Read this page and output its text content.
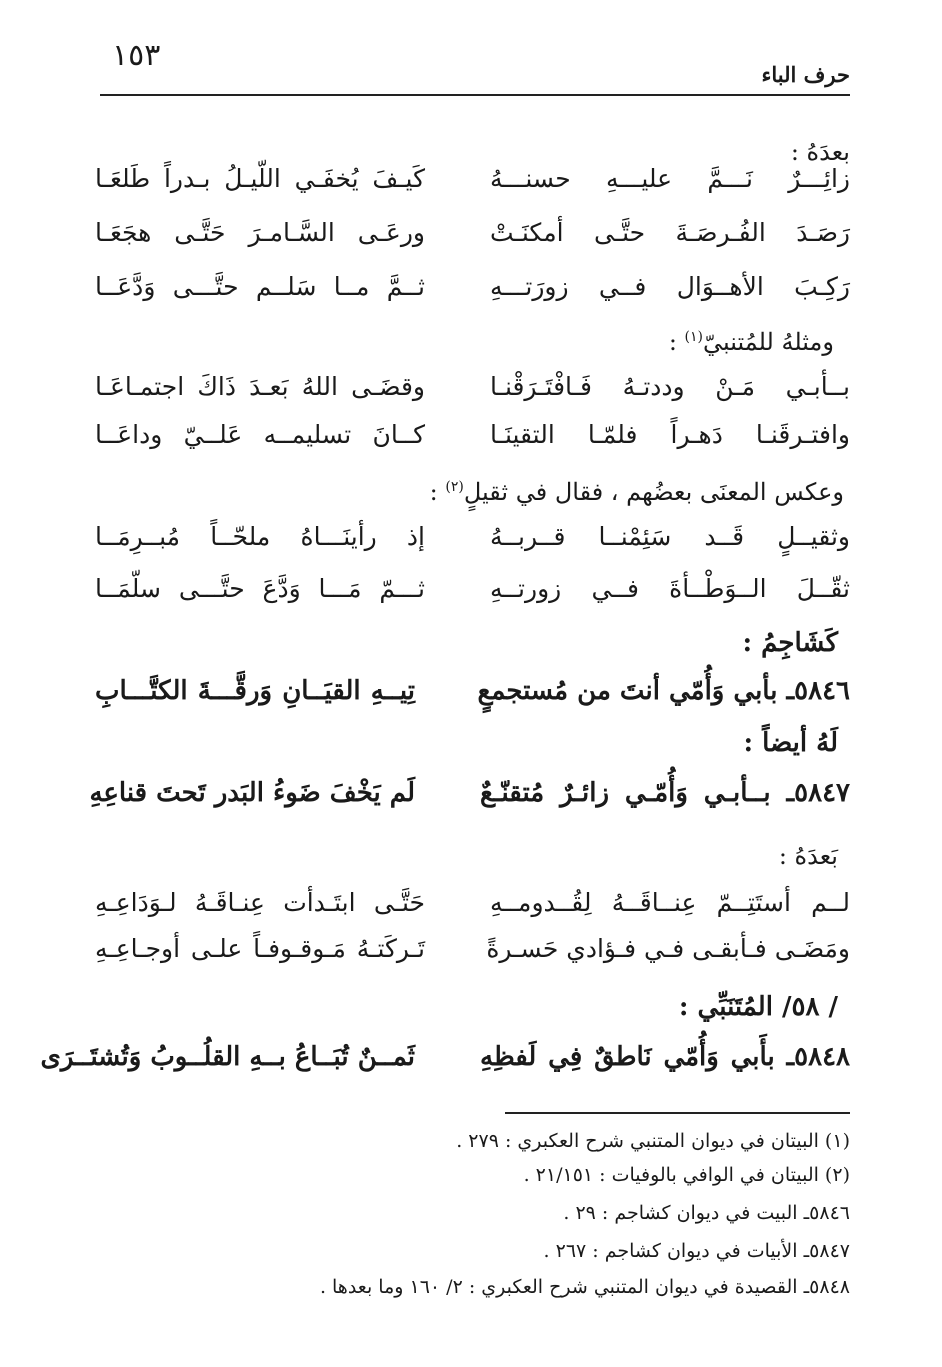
١٥٣
حرف الباء
بعدَهُ :
زائِـــرٌ نَـــمَّ عليـــهِ حسنـــهُ
كَيـفَ يُخفَـي اللّيـلُ بـدراً طَلعَـا
رَصَـدَ الفُـرصَـةَ حتَّـى أمكنَـتْ
ورعَـى السَّـامـرَ حَتَّـى هجَعَـا
رَكِـبَ الأهــوَال فــي زورَتـــهِ
ثــمَّ مــا سَلــم حتَّـــى وَدَّعَــا
ومثلهُ للمُتنبيّ$^{(١)}$ :
بــأبـي مَـنْ وددتـهُ فَـافْتَـرَقْنـا
وقضَـى اللهُ بَعـدَ ذَاكَ اجتمـاعَـا
وافتـرقَنـا دَهـراً فلمّـا التقينَـا
كــانَ تسليمــه عَلــيّ وداعَــا
وعكس المعنَى بعضُهم ، فقال في ثقيلٍ$^{(٢)}$ :
وثقيــلٍ قَــد سَئِمْنــا قــربــهُ
إذ رأينَـــاهُ ملحّــاً مُبــرِمَــا
ثقّــلَ الــوَطْــأةَ فــي زورتــهِ
ثـــمّ مَـــا وَدَّعَ حتَّـــى سلّمَــا
كَشَاجِمُ :
٥٨٤٦ـ بأبي وَأُمّي أنتَ من مُستجمعٍ
تِيــهِ القيَــانِ وَرقَّـــةَ الكتَّـــابِ
لَهُ أيضاً :
٥٨٤٧ـ بــأبـي وَأُمّـي زائـرٌ مُتقنّـعٌ
لَم يَخْفَ ضَوءُ البَدر تَحتَ قناعِهِ
بَعدَهُ :
لــم أستَتِــمّ عِنــاقَــهُ لِقُــدومــهِ
حَتَّـى ابتَـدأت عِنـاقَـهُ لـوَدَاعِـهِ
ومَضَـى فـأبقـى فـي فـؤادي حَسـرةً
تَـركَتـهُ مَـوقـوفـاً علـى أوجـاعِـهِ
/ ٥٨/ المُتَنَبِّي :
٥٨٤٨ـ بأَبي وَأُمّي نَاطقٌ فِي لَفظِهِ
ثَمــنٌ تُبَــاعُ بــهِ القلُــوبُ وَتُشتَــرَى
(١) البيتان في ديوان المتنبي شرح العكبري : ٢٧٩ .
(٢) البيتان في الوافي بالوفيات : ٢١/١٥١ .
٥٨٤٦ـ البيت في ديوان كشاجم : ٢٩ .
٥٨٤٧ـ الأبيات في ديوان كشاجم : ٢٦٧ .
٥٨٤٨ـ القصيدة في ديوان المتنبي شرح العكبري : ٢/ ١٦٠ وما بعدها .
